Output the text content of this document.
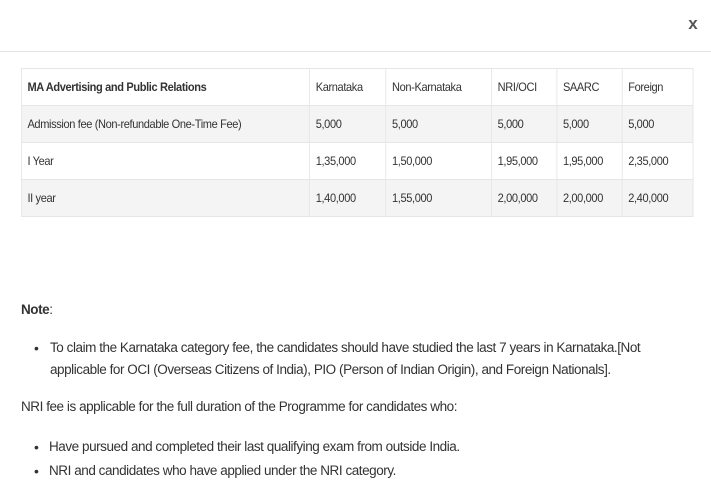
x
MA Advertising and Public Relations	Karnataka	Non-Karnataka	NRI/OCI	SAARC	Foreign
Admission fee (Non-refundable One-Time Fee)	5,000	5,000	5,000	5,000	5,000
I Year	1,35,000	1,50,000	1,95,000	1,95,000	2,35,000
II year	1,40,000	1,55,000	2,00,000	2,00,000	2,40,000
Note:
• To claim the Karnataka category fee, the candidates should have studied the last 7 years in Karnataka.[Not applicable for OCI (Overseas Citizens of India), PIO (Person of Indian Origin), and Foreign Nationals].

NRI fee is applicable for the full duration of the Programme for candidates who:

• Have pursued and completed their last qualifying exam from outside India.
• NRI and candidates who have applied under the NRI category.
